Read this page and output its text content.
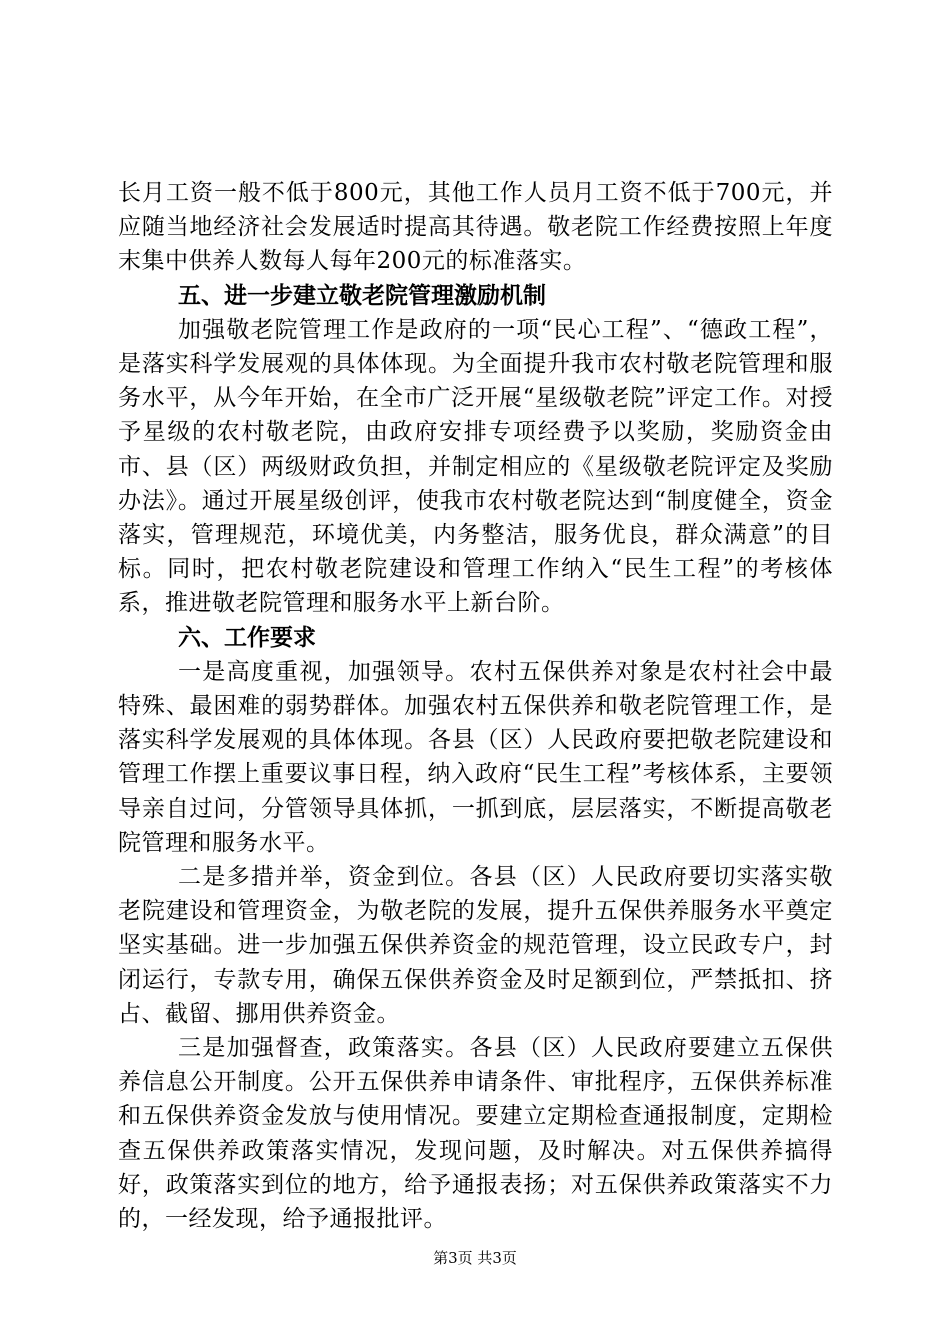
长月工资一般不低于800元，其他工作人员月工资不低于700元，并应随当地经济社会发展适时提高其待遇。敬老院工作经费按照上年度末集中供养人数每人每年200元的标准落实。

五、进一步建立敬老院管理激励机制

加强敬老院管理工作是政府的一项“民心工程”、“德政工程”，是落实科学发展观的具体体现。为全面提升我市农村敬老院管理和服务水平，从今年开始，在全市广泛开展“星级敬老院”评定工作。对授予星级的农村敬老院，由政府安排专项经费予以奖励，奖励资金由市、县（区）两级财政负担，并制定相应的《星级敬老院评定及奖励办法》。通过开展星级创评，使我市农村敬老院达到“制度健全，资金落实，管理规范，环境优美，内务整洁，服务优良，群众满意”的目标。同时，把农村敬老院建设和管理工作纳入“民生工程”的考核体系，推进敬老院管理和服务水平上新台阶。

六、工作要求

一是高度重视，加强领导。农村五保供养对象是农村社会中最特殊、最困难的弱势群体。加强农村五保供养和敬老院管理工作，是落实科学发展观的具体体现。各县（区）人民政府要把敬老院建设和管理工作摆上重要议事日程，纳入政府“民生工程”考核体系，主要领导亲自过问，分管领导具体抓，一抓到底，层层落实，不断提高敬老院管理和服务水平。

二是多措并举，资金到位。各县（区）人民政府要切实落实敬老院建设和管理资金，为敬老院的发展，提升五保供养服务水平奠定坚实基础。进一步加强五保供养资金的规范管理，设立民政专户，封闭运行，专款专用，确保五保供养资金及时足额到位，严禁抵扣、挤占、截留、挪用供养资金。

三是加强督查，政策落实。各县（区）人民政府要建立五保供养信息公开制度。公开五保供养申请条件、审批程序，五保供养标准和五保供养资金发放与使用情况。要建立定期检查通报制度，定期检查五保供养政策落实情况，发现问题，及时解决。对五保供养搞得好，政策落实到位的地方，给予通报表扬；对五保供养政策落实不力的，一经发现，给予通报批评。

第3页 共3页
